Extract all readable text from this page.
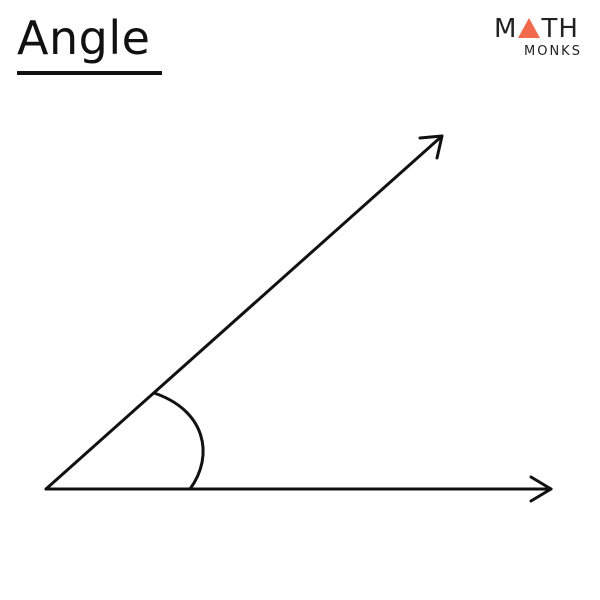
Angle	M TH
MONKS
